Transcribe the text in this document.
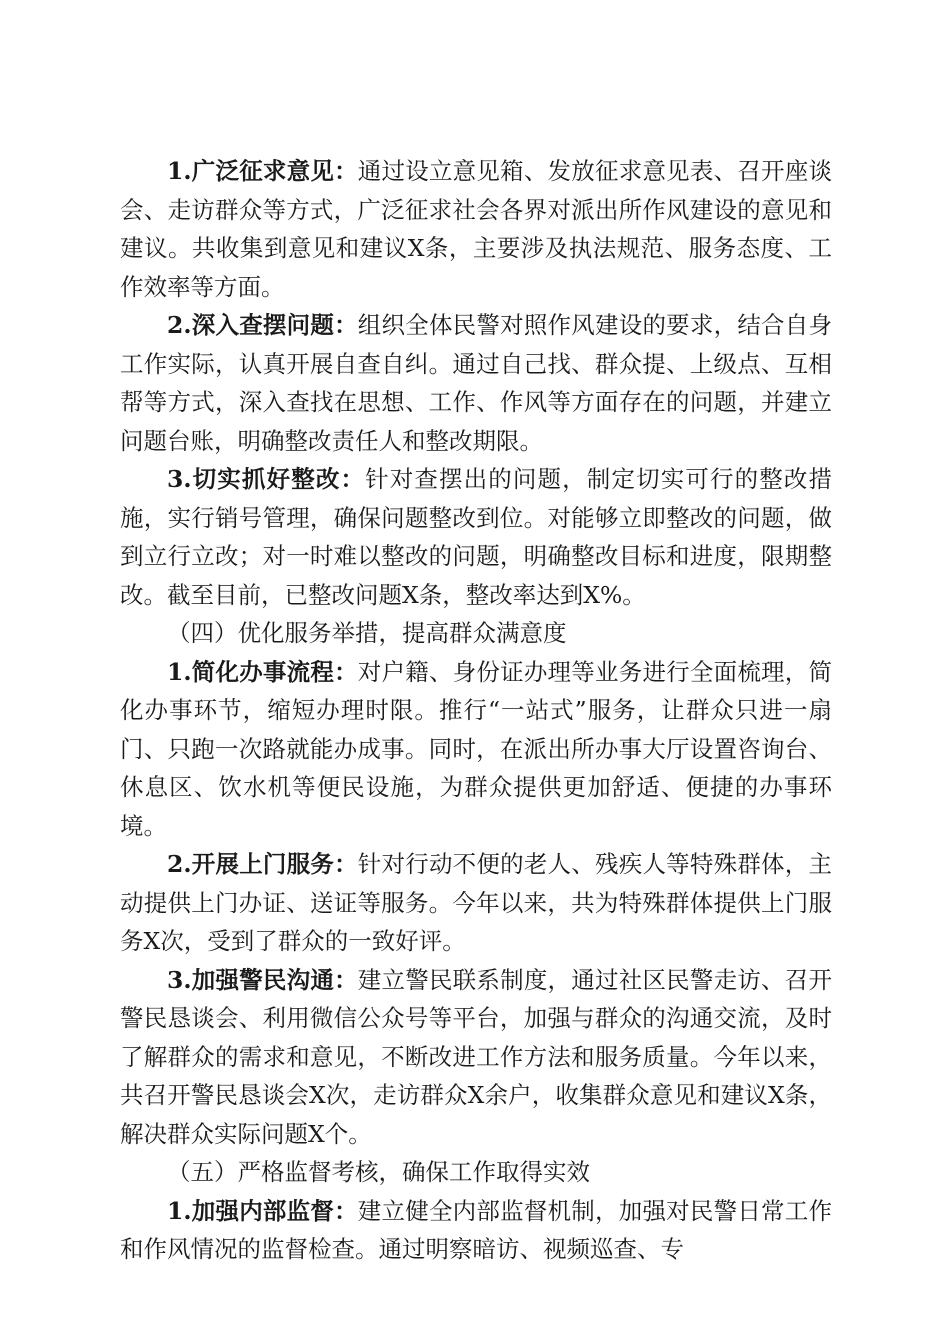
1.广泛征求意见：通过设立意见箱、发放征求意见表、召开座谈会、走访群众等方式，广泛征求社会各界对派出所作风建设的意见和建议。共收集到意见和建议X条，主要涉及执法规范、服务态度、工作效率等方面。

2.深入查摆问题：组织全体民警对照作风建设的要求，结合自身工作实际，认真开展自查自纠。通过自己找、群众提、上级点、互相帮等方式，深入查找在思想、工作、作风等方面存在的问题，并建立问题台账，明确整改责任人和整改期限。

3.切实抓好整改：针对查摆出的问题，制定切实可行的整改措施，实行销号管理，确保问题整改到位。对能够立即整改的问题，做到立行立改；对一时难以整改的问题，明确整改目标和进度，限期整改。截至目前，已整改问题X条，整改率达到X%。

（四）优化服务举措，提高群众满意度

1.简化办事流程：对户籍、身份证办理等业务进行全面梳理，简化办事环节，缩短办理时限。推行“一站式”服务，让群众只进一扇门、只跑一次路就能办成事。同时，在派出所办事大厅设置咨询台、休息区、饮水机等便民设施，为群众提供更加舒适、便捷的办事环境。

2.开展上门服务：针对行动不便的老人、残疾人等特殊群体，主动提供上门办证、送证等服务。今年以来，共为特殊群体提供上门服务X次，受到了群众的一致好评。

3.加强警民沟通：建立警民联系制度，通过社区民警走访、召开警民恳谈会、利用微信公众号等平台，加强与群众的沟通交流，及时了解群众的需求和意见，不断改进工作方法和服务质量。今年以来，共召开警民恳谈会X次，走访群众X余户，收集群众意见和建议X条，解决群众实际问题X个。

（五）严格监督考核，确保工作取得实效

1.加强内部监督：建立健全内部监督机制，加强对民警日常工作和作风情况的监督检查。通过明察暗访、视频巡查、专
